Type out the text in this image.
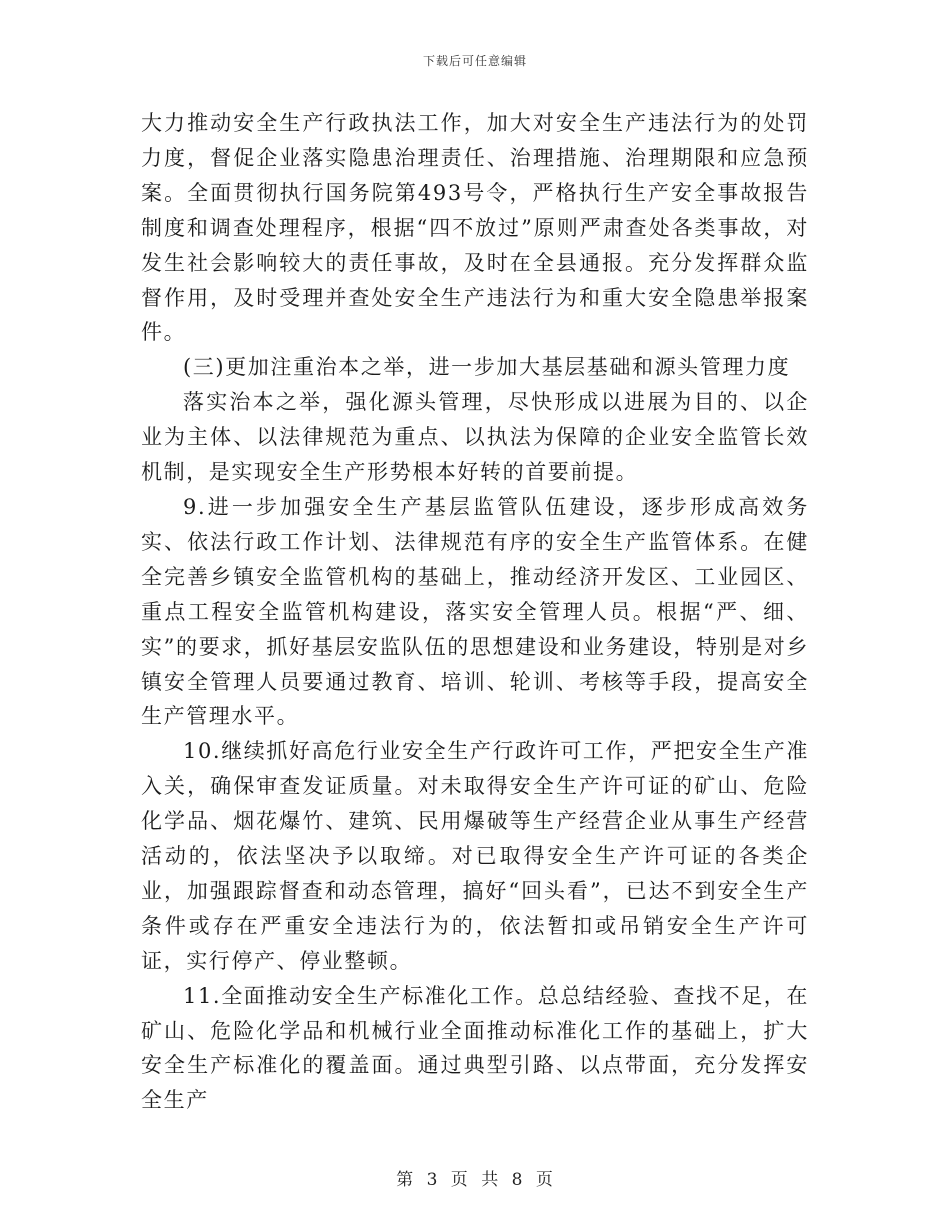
下载后可任意编辑

大力推动安全生产行政执法工作，加大对安全生产违法行为的处罚力度，督促企业落实隐患治理责任、治理措施、治理期限和应急预案。全面贯彻执行国务院第493号令，严格执行生产安全事故报告制度和调查处理程序，根据“四不放过”原则严肃查处各类事故，对发生社会影响较大的责任事故，及时在全县通报。充分发挥群众监督作用，及时受理并查处安全生产违法行为和重大安全隐患举报案件。

(三)更加注重治本之举，进一步加大基层基础和源头管理力度

落实治本之举，强化源头管理，尽快形成以进展为目的、以企业为主体、以法律规范为重点、以执法为保障的企业安全监管长效机制，是实现安全生产形势根本好转的首要前提。

9.进一步加强安全生产基层监管队伍建设，逐步形成高效务实、依法行政工作计划、法律规范有序的安全生产监管体系。在健全完善乡镇安全监管机构的基础上，推动经济开发区、工业园区、重点工程安全监管机构建设，落实安全管理人员。根据“严、细、实”的要求，抓好基层安监队伍的思想建设和业务建设，特别是对乡镇安全管理人员要通过教育、培训、轮训、考核等手段，提高安全生产管理水平。

10.继续抓好高危行业安全生产行政许可工作，严把安全生产准入关，确保审查发证质量。对未取得安全生产许可证的矿山、危险化学品、烟花爆竹、建筑、民用爆破等生产经营企业从事生产经营活动的，依法坚决予以取缔。对已取得安全生产许可证的各类企业，加强跟踪督查和动态管理，搞好“回头看”，已达不到安全生产条件或存在严重安全违法行为的，依法暂扣或吊销安全生产许可证，实行停产、停业整顿。

11.全面推动安全生产标准化工作。总总结经验、查找不足，在矿山、危险化学品和机械行业全面推动标准化工作的基础上，扩大安全生产标准化的覆盖面。通过典型引路、以点带面，充分发挥安全生产

第 3 页 共 8 页
